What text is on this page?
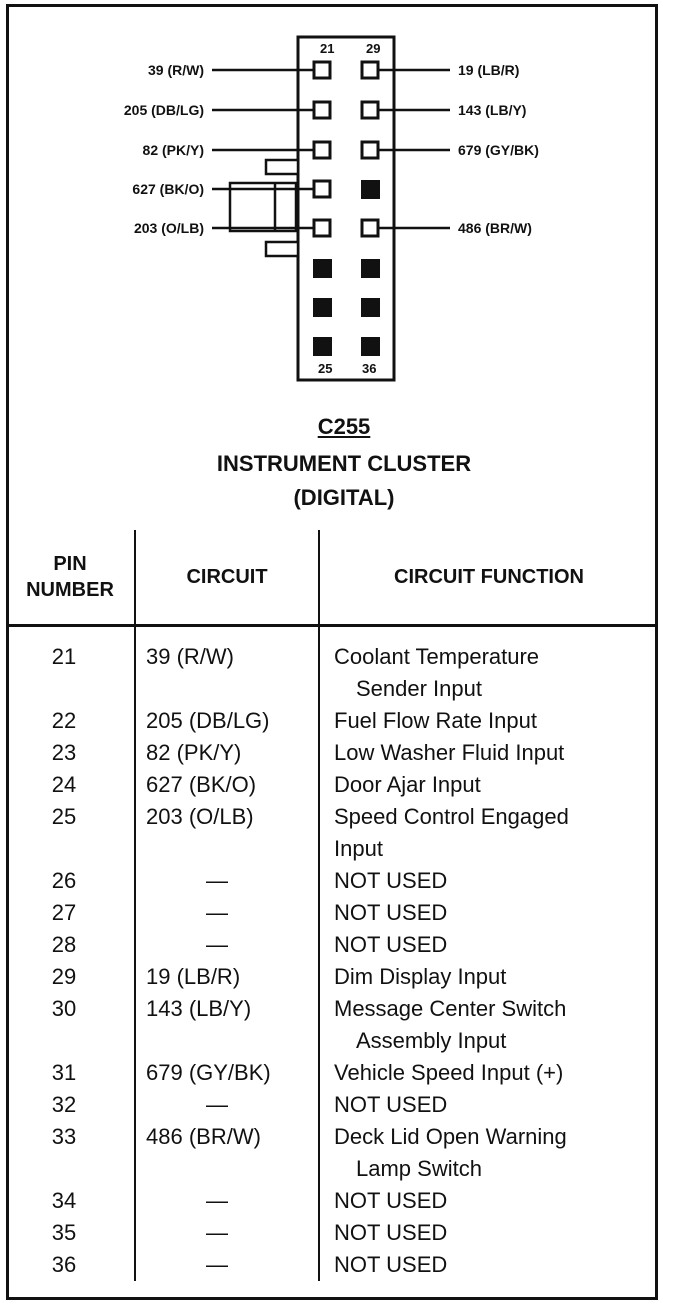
21 29
25 36
39 (R/W)
205 (DB/LG)
82 (PK/Y)
627 (BK/O)
203 (O/LB)
19 (LB/R)
143 (LB/Y)
679 (GY/BK)
486 (BR/W)
C255
INSTRUMENT CLUSTER
(DIGITAL)
PIN
NUMBER	CIRCUIT	CIRCUIT FUNCTION
21	39 (R/W)	Coolant Temperature
Sender Input

22	205 (DB/LG)	Fuel Flow Rate Input
23	82 (PK/Y)	Low Washer Fluid Input
24	627 (BK/O)	Door Ajar Input
25	203 (O/LB)	Speed Control Engaged
Input

26	—	NOT USED
27	—	NOT USED
28	—	NOT USED
29	19 (LB/R)	Dim Display Input
30	143 (LB/Y)	Message Center Switch
Assembly Input

31	679 (GY/BK)	Vehicle Speed Input (+)
32	—	NOT USED
33	486 (BR/W)	Deck Lid Open Warning
Lamp Switch

34	—	NOT USED
35	—	NOT USED
36	—	NOT USED
